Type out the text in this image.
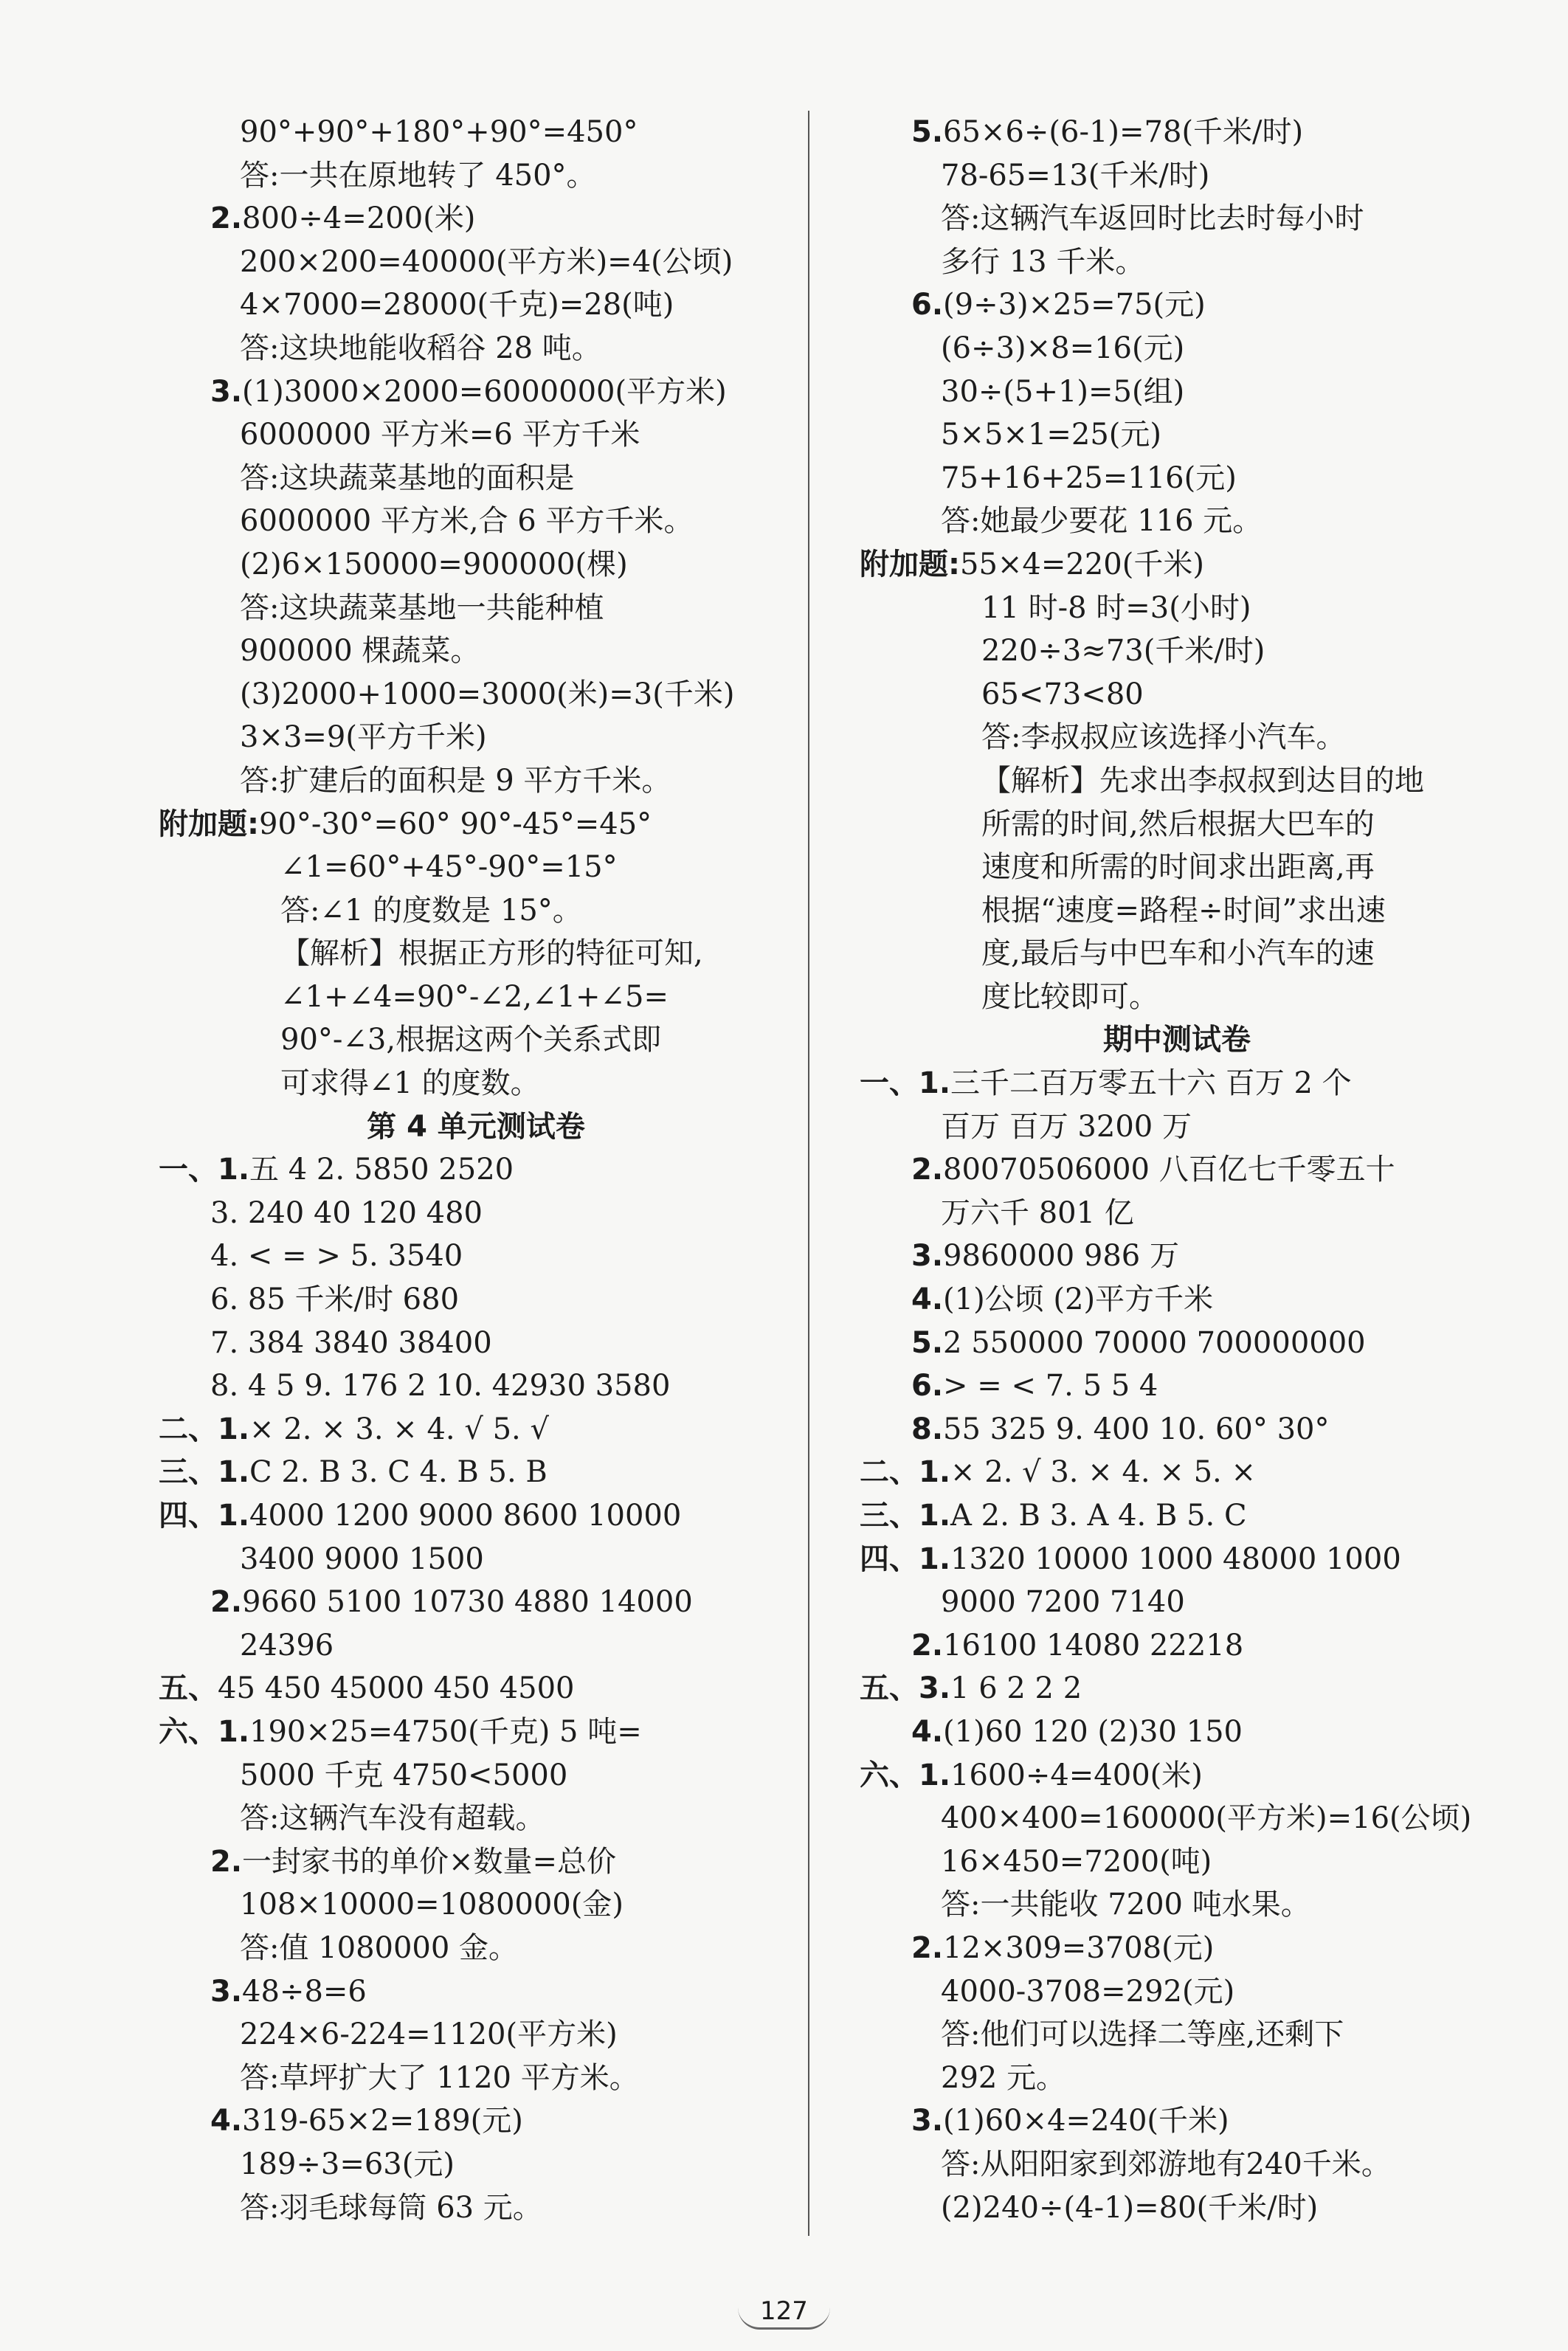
90°+90°+180°+90°=450°
答:一共在原地转了 450°。
2.800÷4=200(米)
200×200=40000(平方米)=4(公顷)
4×7000=28000(千克)=28(吨)
答:这块地能收稻谷 28 吨。
3.(1)3000×2000=6000000(平方米)
6000000 平方米=6 平方千米
答:这块蔬菜基地的面积是
6000000 平方米,合 6 平方千米。
(2)6×150000=900000(棵)
答:这块蔬菜基地一共能种植
900000 棵蔬菜。
(3)2000+1000=3000(米)=3(千米)
3×3=9(平方千米)
答:扩建后的面积是 9 平方千米。
附加题:90°-30°=60° 90°-45°=45°
∠1=60°+45°-90°=15°
答:∠1 的度数是 15°。
【解析】根据正方形的特征可知,
∠1+∠4=90°-∠2,∠1+∠5=
90°-∠3,根据这两个关系式即
可求得∠1 的度数。
第 4 单元测试卷
一、1.五 4 2. 5850 2520
3. 240 40 120 480
4. < = > 5. 3540
6. 85 千米/时 680
7. 384 3840 38400
8. 4 5 9. 176 2 10. 42930 3580
二、1.× 2. × 3. × 4. √ 5. √
三、1.C 2. B 3. C 4. B 5. B
四、1.4000 1200 9000 8600 10000
3400 9000 1500
2.9660 5100 10730 4880 14000
24396
五、45 450 45000 450 4500
六、1.190×25=4750(千克) 5 吨=
5000 千克 4750<5000
答:这辆汽车没有超载。
2.一封家书的单价×数量=总价
108×10000=1080000(金)
答:值 1080000 金。
3.48÷8=6
224×6-224=1120(平方米)
答:草坪扩大了 1120 平方米。
4.319-65×2=189(元)
189÷3=63(元)
答:羽毛球每筒 63 元。
5.65×6÷(6-1)=78(千米/时)
78-65=13(千米/时)
答:这辆汽车返回时比去时每小时
多行 13 千米。
6.(9÷3)×25=75(元)
(6÷3)×8=16(元)
30÷(5+1)=5(组)
5×5×1=25(元)
75+16+25=116(元)
答:她最少要花 116 元。
附加题:55×4=220(千米)
11 时-8 时=3(小时)
220÷3≈73(千米/时)
65<73<80
答:李叔叔应该选择小汽车。
【解析】先求出李叔叔到达目的地
所需的时间,然后根据大巴车的
速度和所需的时间求出距离,再
根据“速度=路程÷时间”求出速
度,最后与中巴车和小汽车的速
度比较即可。
期中测试卷
一、1.三千二百万零五十六 百万 2 个
百万 百万 3200 万
2.80070506000 八百亿七千零五十
万六千 801 亿
3.9860000 986 万
4.(1)公顷 (2)平方千米
5.2 550000 70000 700000000
6.> = < 7. 5 5 4
8.55 325 9. 400 10. 60° 30°
二、1.× 2. √ 3. × 4. × 5. ×
三、1.A 2. B 3. A 4. B 5. C
四、1.1320 10000 1000 48000 1000
9000 7200 7140
2.16100 14080 22218
五、3.1 6 2 2 2
4.(1)60 120 (2)30 150
六、1.1600÷4=400(米)
400×400=160000(平方米)=16(公顷)
16×450=7200(吨)
答:一共能收 7200 吨水果。
2.12×309=3708(元)
4000-3708=292(元)
答:他们可以选择二等座,还剩下
292 元。
3.(1)60×4=240(千米)
答:从阳阳家到郊游地有240千米。
(2)240÷(4-1)=80(千米/时)
127
